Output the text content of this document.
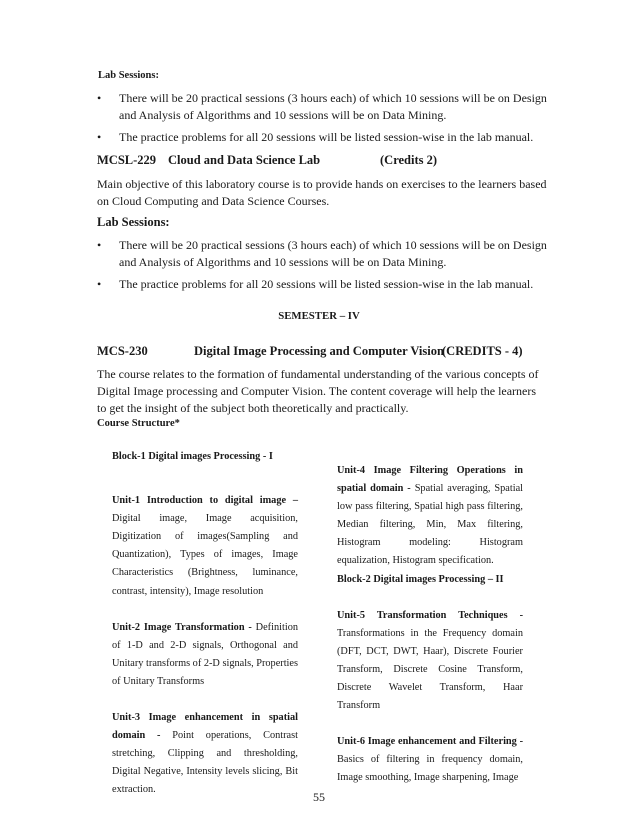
Lab Sessions:
• There will be 20 practical sessions (3 hours each) of which 10 sessions will be on Design and Analysis of Algorithms and 10 sessions will be on Data Mining.
• The practice problems for all 20 sessions will be listed session-wise in the lab manual.
MCSL-229 Cloud and Data Science Lab	(Credits 2)
Main objective of this laboratory course is to provide hands on exercises to the learners based on Cloud Computing and Data Science Courses.
Lab Sessions:
• There will be 20 practical sessions (3 hours each) of which 10 sessions will be on Design and Analysis of Algorithms and 10 sessions will be on Data Mining.
• The practice problems for all 20 sessions will be listed session-wise in the lab manual.
SEMESTER – IV
MCS-230	Digital Image Processing and Computer Vision
(CREDITS - 4)
The course relates to the formation of fundamental understanding of the various concepts of Digital Image processing and Computer Vision. The content coverage will help the learners to get the insight of the subject both theoretically and practically.
Course Structure*

Block-1 Digital images Processing - I

Unit-1 Introduction to digital image – Digital image, Image acquisition, Digitization of images(Sampling and Quantization), Types of images, Image Characteristics (Brightness, luminance, contrast, intensity), Image resolution

Unit-2 Image Transformation - Definition of 1-D and 2-D signals, Orthogonal and Unitary transforms of 2-D signals, Properties of Unitary Transforms

Unit-3 Image enhancement in spatial domain - Point operations, Contrast stretching, Clipping and thresholding, Digital Negative, Intensity levels slicing, Bit extraction.

Unit-4 Image Filtering Operations in spatial domain - Spatial averaging, Spatial low pass filtering, Spatial high pass filtering, Median filtering, Min, Max filtering, Histogram modeling: Histogram equalization, Histogram specification.

Block-2 Digital images Processing – II

Unit-5 Transformation Techniques - Transformations in the Frequency domain (DFT, DCT, DWT, Haar), Discrete Fourier Transform, Discrete Cosine Transform, Discrete Wavelet Transform, Haar Transform

Unit-6 Image enhancement and Filtering - Basics of filtering in frequency domain, Image smoothing, Image sharpening, Image

55
